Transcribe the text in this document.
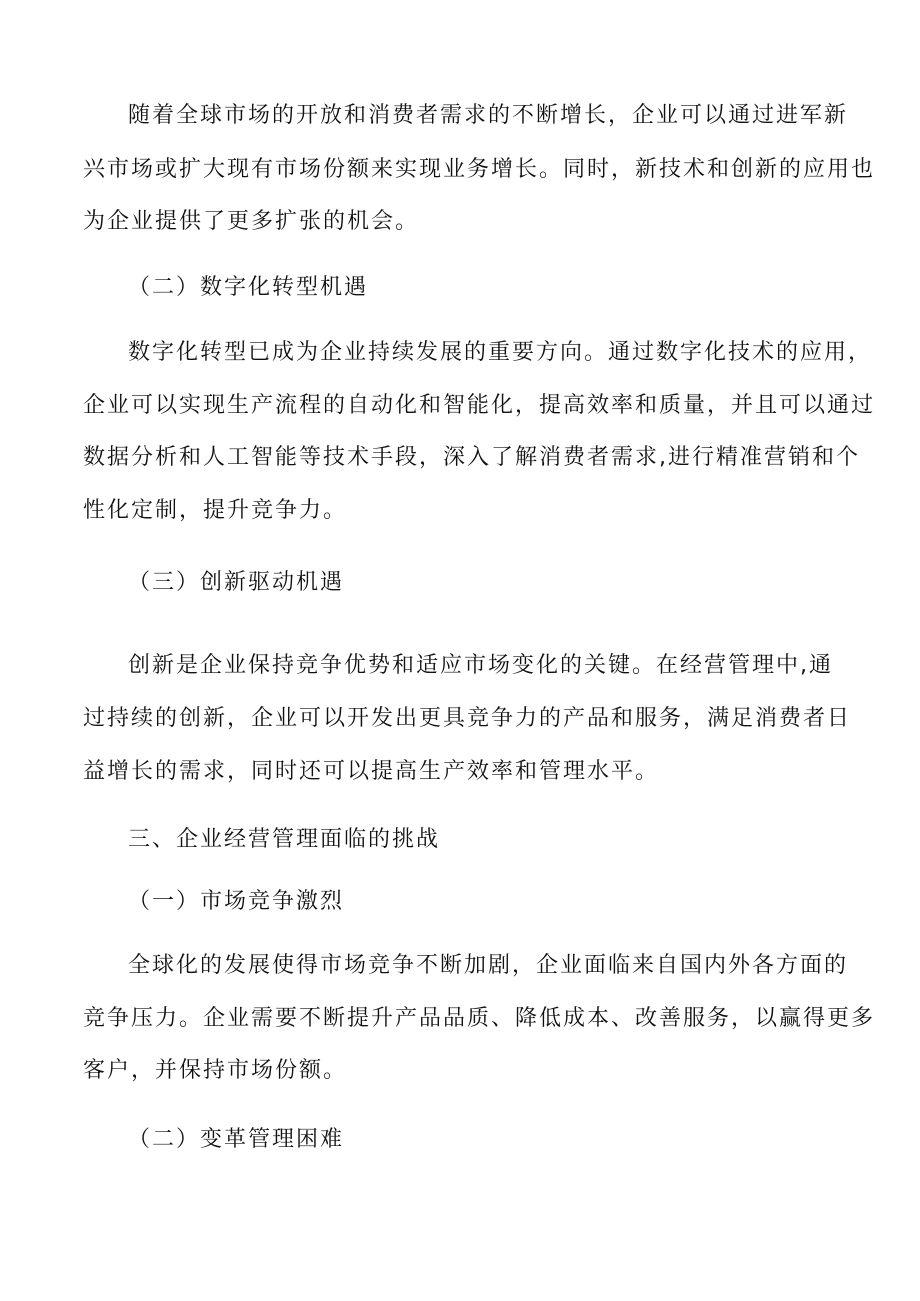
随着全球市场的开放和消费者需求的不断增长，企业可以通过进军新
兴市场或扩大现有市场份额来实现业务增长。同时，新技术和创新的应用也
为企业提供了更多扩张的机会。
（二）数字化转型机遇
数字化转型已成为企业持续发展的重要方向。通过数字化技术的应用，
企业可以实现生产流程的自动化和智能化，提高效率和质量，并且可以通过
数据分析和人工智能等技术手段，深入了解消费者需求,进行精准营销和个
性化定制，提升竞争力。
（三）创新驱动机遇
创新是企业保持竞争优势和适应市场变化的关键。在经营管理中,通
过持续的创新，企业可以开发出更具竞争力的产品和服务，满足消费者日
益增长的需求，同时还可以提高生产效率和管理水平。
三、企业经营管理面临的挑战
（一）市场竞争激烈
全球化的发展使得市场竞争不断加剧，企业面临来自国内外各方面的
竞争压力。企业需要不断提升产品品质、降低成本、改善服务，以赢得更多
客户，并保持市场份额。
（二）变革管理困难
